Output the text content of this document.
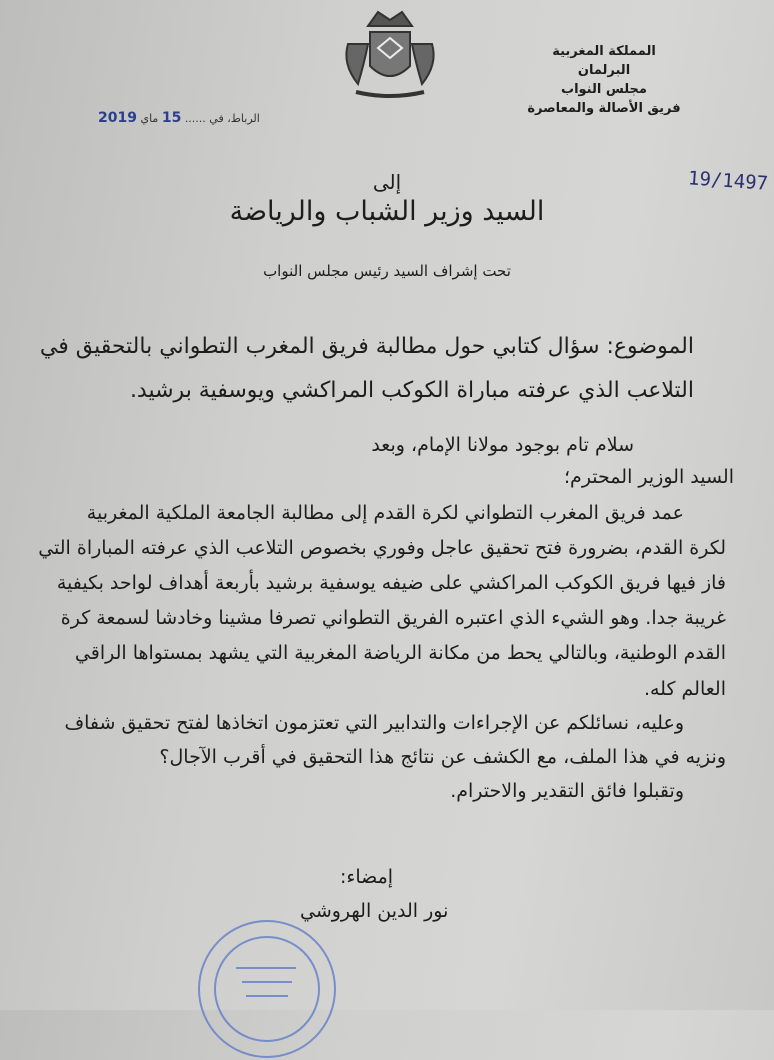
المملكة المغربية
البرلمان
مجلس النواب
فريق الأصالة والمعاصرة
الرباط، في ...... 15 ماي 2019
19/1497
إلى
السيد وزير الشباب والرياضة
تحت إشراف السيد رئيس مجلس النواب
الموضوع: سؤال كتابي حول مطالبة فريق المغرب التطواني بالتحقيق في
التلاعب الذي عرفته مباراة الكوكب المراكشي ويوسفية برشيد.
سلام تام بوجود مولانا الإمام، وبعد
السيد الوزير المحترم؛
عمد فريق المغرب التطواني لكرة القدم إلى مطالبة الجامعة الملكية المغربية
لكرة القدم، بضرورة فتح تحقيق عاجل وفوري بخصوص التلاعب الذي عرفته المباراة التي
فاز فيها فريق الكوكب المراكشي على ضيفه يوسفية برشيد بأربعة أهداف لواحد بكيفية
غريبة جدا. وهو الشيء الذي اعتبره الفريق التطواني تصرفا مشينا وخادشا لسمعة كرة
القدم الوطنية، وبالتالي يحط من مكانة الرياضة المغربية التي يشهد بمستواها الراقي
العالم كله.
وعليه، نسائلكم عن الإجراءات والتدابير التي تعتزمون اتخاذها لفتح تحقيق شفاف
ونزيه في هذا الملف، مع الكشف عن نتائج هذا التحقيق في أقرب الآجال؟
وتقبلوا فائق التقدير والاحترام.
إمضاء:
نور الدين الهروشي
